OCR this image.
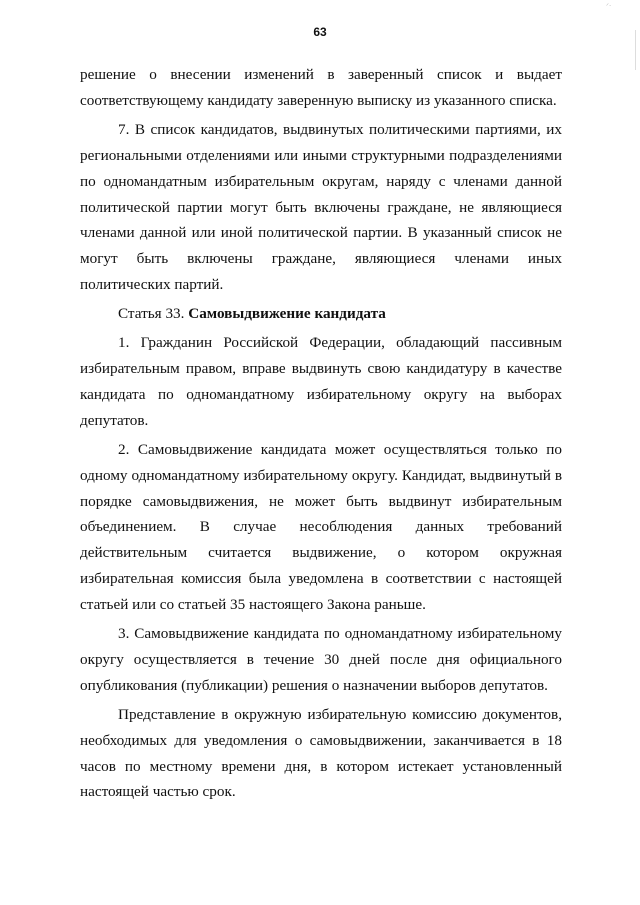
ᐟ·
63

решение о внесении изменений в заверенный список и выдает соответствующему кандидату заверенную выписку из указанного списка.

7. В список кандидатов, выдвинутых политическими партиями, их региональными отделениями или иными структурными подразделениями по одномандатным избирательным округам, наряду с членами данной политической партии могут быть включены граждане, не являющиеся членами данной или иной политической партии. В указанный список не могут быть включены граждане, являющиеся членами иных политических партий.

Статья 33. Самовыдвижение кандидата

1. Гражданин Российской Федерации, обладающий пассивным избирательным правом, вправе выдвинуть свою кандидатуру в качестве кандидата по одномандатному избирательному округу на выборах депутатов.

2. Самовыдвижение кандидата может осуществляться только по одному одномандатному избирательному округу. Кандидат, выдвинутый в порядке самовыдвижения, не может быть выдвинут избирательным объединением. В случае несоблюдения данных требований действительным считается выдвижение, о котором окружная избирательная комиссия была уведомлена в соответствии с настоящей статьей или со статьей 35 настоящего Закона раньше.

3. Самовыдвижение кандидата по одномандатному избирательному округу осуществляется в течение 30 дней после дня официального опубликования (публикации) решения о назначении выборов депутатов.

Представление в окружную избирательную комиссию документов, необходимых для уведомления о самовыдвижении, заканчивается в 18 часов по местному времени дня, в котором истекает установленный настоящей частью срок.
